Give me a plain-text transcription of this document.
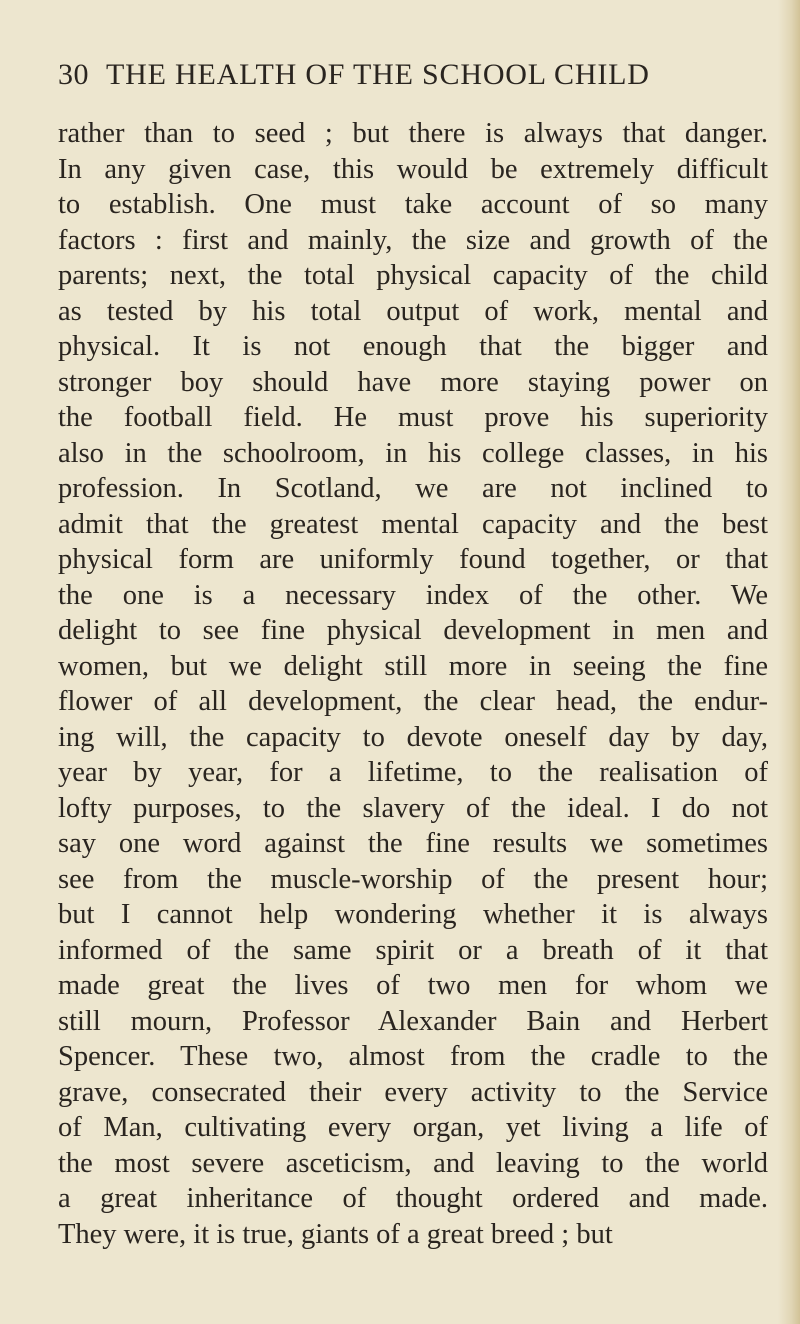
30 THE HEALTH OF THE SCHOOL CHILD
rather than to seed ; but there is always that danger.
In any given case, this would be extremely difficult
to establish. One must take account of so many
factors : first and mainly, the size and growth of the
parents; next, the total physical capacity of the child
as tested by his total output of work, mental and
physical. It is not enough that the bigger and
stronger boy should have more staying power on
the football field. He must prove his superiority
also in the schoolroom, in his college classes, in his
profession. In Scotland, we are not inclined to
admit that the greatest mental capacity and the best
physical form are uniformly found together, or that
the one is a necessary index of the other. We
delight to see fine physical development in men and
women, but we delight still more in seeing the fine
flower of all development, the clear head, the endur-
ing will, the capacity to devote oneself day by day,
year by year, for a lifetime, to the realisation of
lofty purposes, to the slavery of the ideal. I do not
say one word against the fine results we sometimes
see from the muscle-worship of the present hour;
but I cannot help wondering whether it is always
informed of the same spirit or a breath of it that
made great the lives of two men for whom we
still mourn, Professor Alexander Bain and Herbert
Spencer. These two, almost from the cradle to the
grave, consecrated their every activity to the Service
of Man, cultivating every organ, yet living a life of
the most severe asceticism, and leaving to the world
a great inheritance of thought ordered and made.
They were, it is true, giants of a great breed ; but
